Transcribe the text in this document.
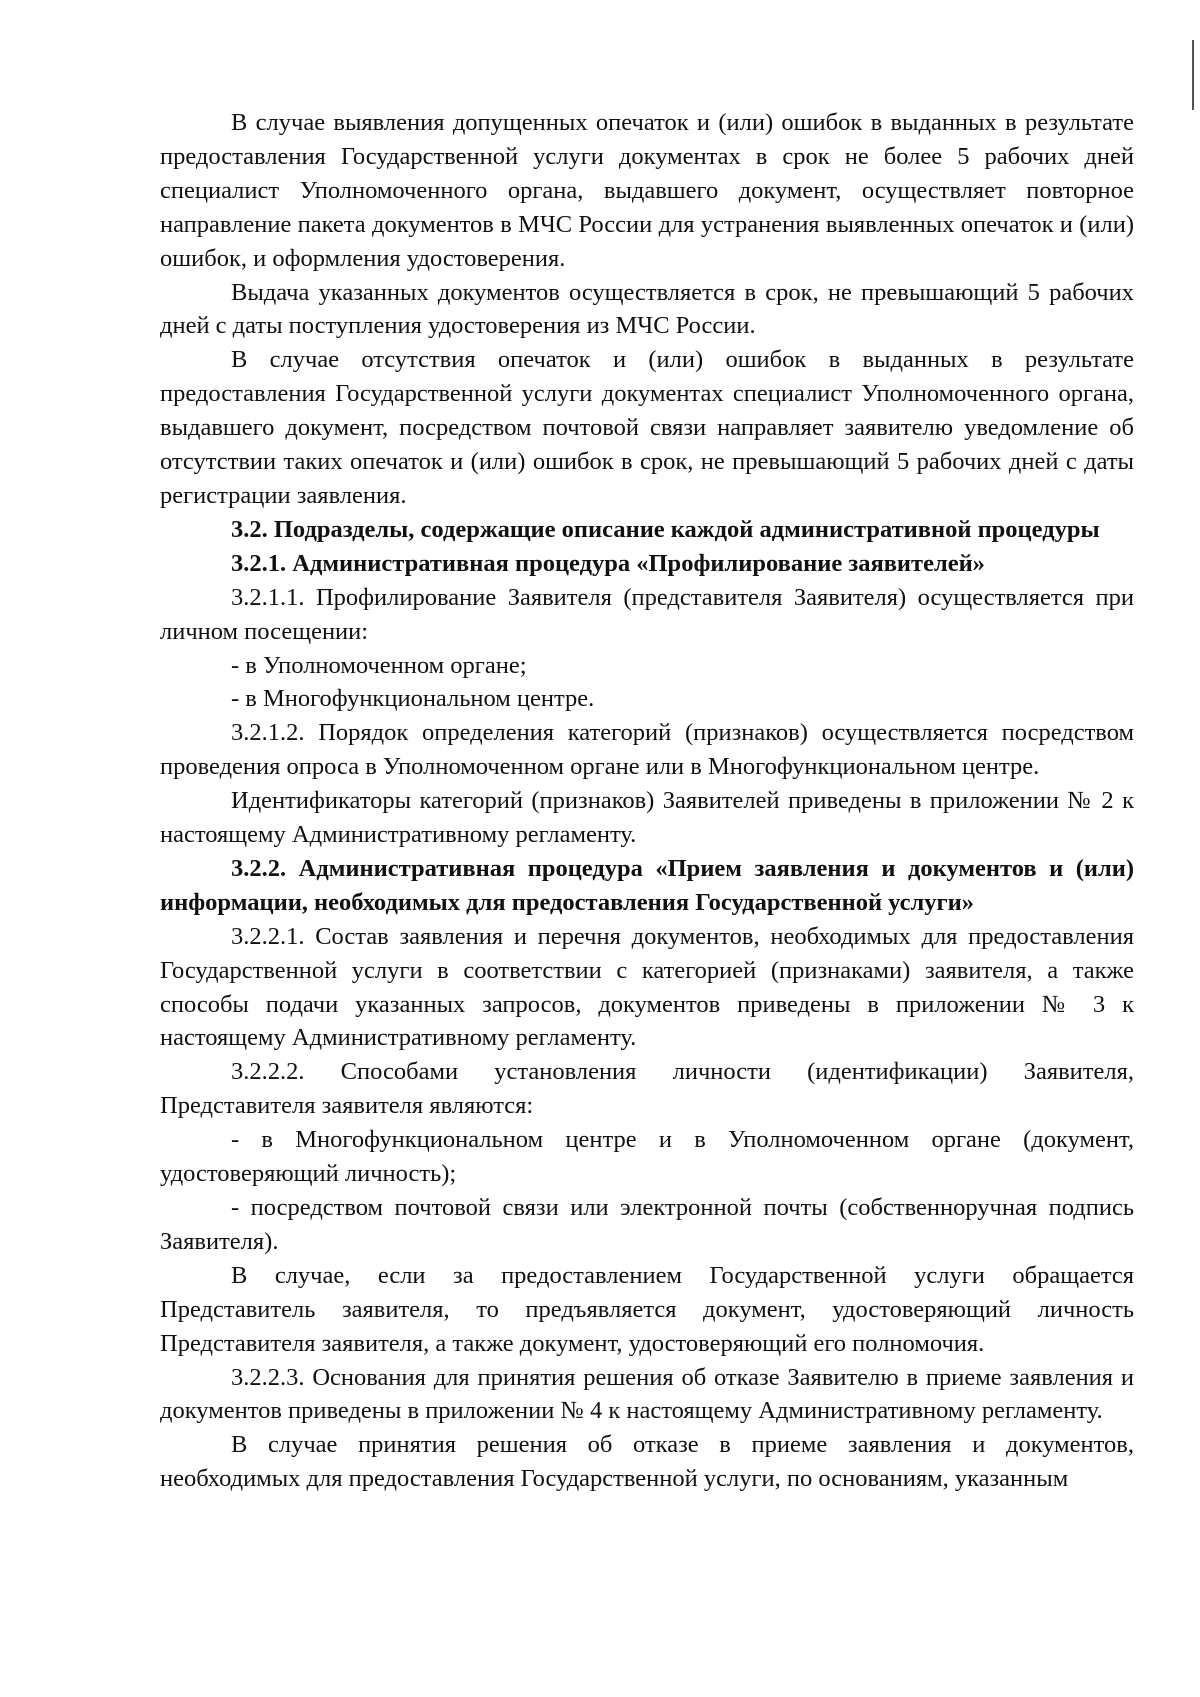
В случае выявления допущенных опечаток и (или) ошибок в выданных в результате предоставления Государственной услуги документах в срок не более 5 рабочих дней специалист Уполномоченного органа, выдавшего документ, осуществляет повторное направление пакета документов в МЧС России для устранения выявленных опечаток и (или) ошибок, и оформления удостоверения.

Выдача указанных документов осуществляется в срок, не превышающий 5 рабочих дней с даты поступления удостоверения из МЧС России.

В случае отсутствия опечаток и (или) ошибок в выданных в результате предоставления Государственной услуги документах специалист Уполномоченного органа, выдавшего документ, посредством почтовой связи направляет заявителю уведомление об отсутствии таких опечаток и (или) ошибок в срок, не превышающий 5 рабочих дней с даты регистрации заявления.

3.2. Подразделы, содержащие описание каждой административной процедуры

3.2.1. Административная процедура «Профилирование заявителей»

3.2.1.1. Профилирование Заявителя (представителя Заявителя) осуществляется при личном посещении:

- в Уполномоченном органе;

- в Многофункциональном центре.

3.2.1.2. Порядок определения категорий (признаков) осуществляется посредством проведения опроса в Уполномоченном органе или в Многофункциональном центре.

Идентификаторы категорий (признаков) Заявителей приведены в приложении № 2 к настоящему Административному регламенту.

3.2.2. Административная процедура «Прием заявления и документов и (или) информации, необходимых для предоставления Государственной услуги»

3.2.2.1. Состав заявления и перечня документов, необходимых для предоставления Государственной услуги в соответствии с категорией (признаками) заявителя, а также способы подачи указанных запросов, документов приведены в приложении № 3 к настоящему Административному регламенту.

3.2.2.2. Способами установления личности (идентификации) Заявителя, Представителя заявителя являются:

- в Многофункциональном центре и в Уполномоченном органе (документ, удостоверяющий личность);

- посредством почтовой связи или электронной почты (собственноручная подпись Заявителя).

В случае, если за предоставлением Государственной услуги обращается Представитель заявителя, то предъявляется документ, удостоверяющий личность Представителя заявителя, а также документ, удостоверяющий его полномочия.

3.2.2.3. Основания для принятия решения об отказе Заявителю в приеме заявления и документов приведены в приложении № 4 к настоящему Административному регламенту.

В случае принятия решения об отказе в приеме заявления и документов, необходимых для предоставления Государственной услуги, по основаниям, указанным
